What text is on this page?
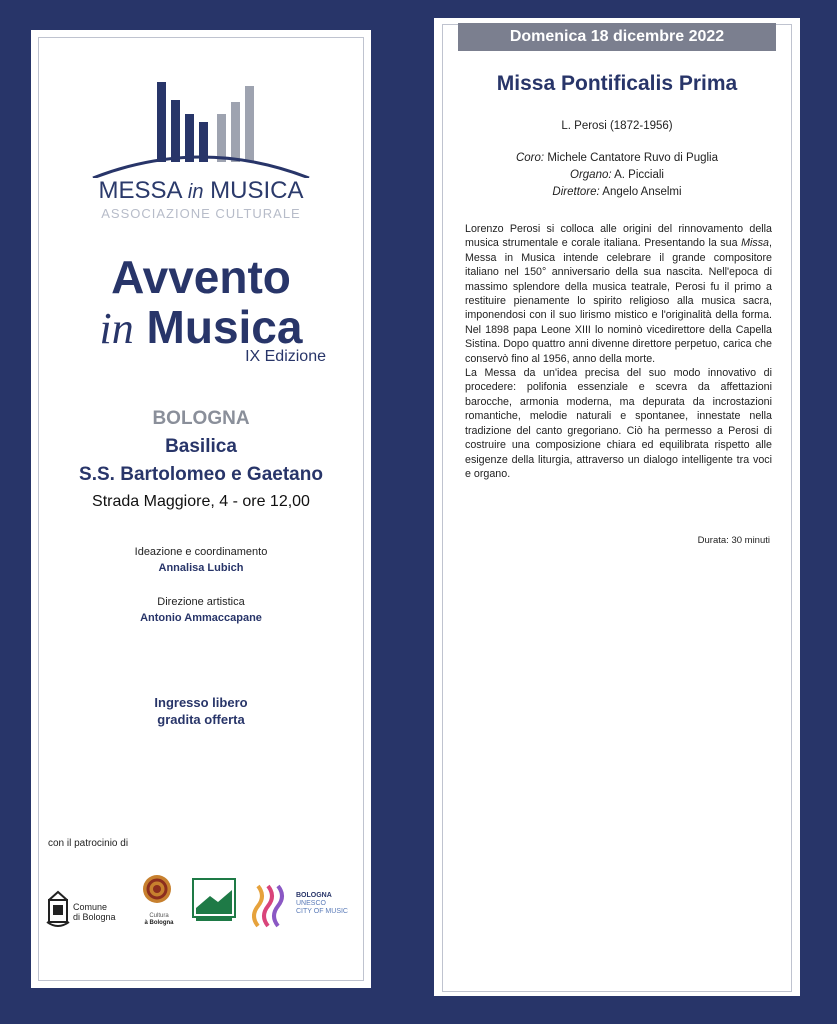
MESSA in MUSICA
ASSOCIAZIONE CULTURALE
Avvento
in Musica
IX Edizione
BOLOGNA
Basilica
S.S. Bartolomeo e Gaetano
Strada Maggiore, 4 - ore 12,00
Ideazione e coordinamento
Annalisa Lubich
Direzione artistica
Antonio Ammaccapane
Ingresso libero
gradita offerta
con il patrocinio di
Comune
di Bologna	Cultura
à Bologna
BOLOGNA
UNESCO
CITY OF MUSIC
Domenica 18 dicembre 2022
Missa Pontificalis Prima
L. Perosi (1872-1956)
Coro: Michele Cantatore Ruvo di Puglia
Organo: A. Picciali
Direttore: Angelo Anselmi

Lorenzo Perosi si colloca alle origini del rinnovamento della musica strumentale e corale italiana. Presentando la sua Missa, Messa in Musica intende celebrare il grande compositore italiano nel 150° anniversario della sua nascita. Nell'epoca di massimo splendore della musica teatrale, Perosi fu il primo a restituire pienamente lo spirito religioso alla musica sacra, imponendosi con il suo lirismo mistico e l'originalità della forma. Nel 1898 papa Leone XIII lo nominò vicedirettore della Capella Sistina. Dopo quattro anni divenne direttore perpetuo, carica che conservò fino al 1956, anno della morte.

La Messa da un'idea precisa del suo modo innovativo di procedere: polifonia essenziale e scevra da affettazioni barocche, armonia moderna, ma depurata da incrostazioni romantiche, melodie naturali e spontanee, innestate nella tradizione del canto gregoriano. Ciò ha permesso a Perosi di costruire una composizione chiara ed equilibrata rispetto alle esigenze della liturgia, attraverso un dialogo intelligente tra voci e organo.

Durata: 30 minuti
